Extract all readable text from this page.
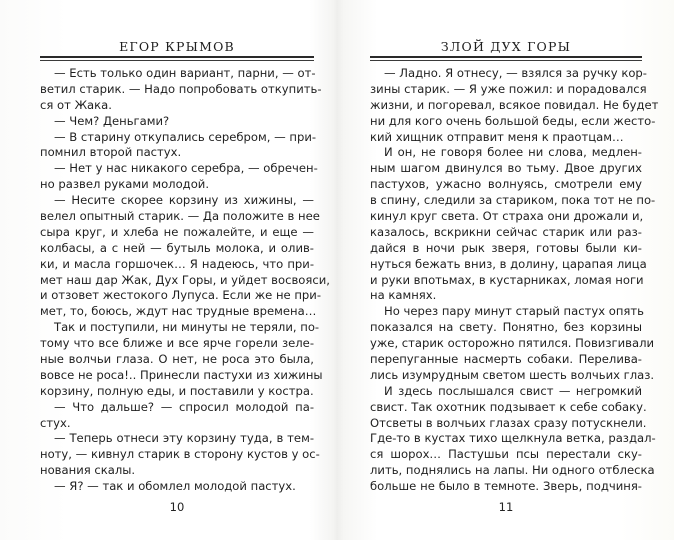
ЕГОР КРЫМОВ
— Есть только один вариант, парни, — от-
ветил старик. — Надо попробовать откупить-
ся от Жака.
— Чем? Деньгами?
— В старину откупались серебром, — при-
помнил второй пастух.
— Нет у нас никакого серебра, — обречен-
но развел руками молодой.
— Несите скорее корзину из хижины, —
велел опытный старик. — Да положите в нее
сыра круг, и хлеба не пожалейте, и еще —
колбасы, а с ней — бутыль молока, и олив-
ки, и масла горшочек… Я надеюсь, что при-
мет наш дар Жак, Дух Горы, и уйдет восвояси,
и отзовет жестокого Лупуса. Если же не при-
мет, то, боюсь, ждут нас трудные времена…
Так и поступили, ни минуты не теряли, по-
тому что все ближе и все ярче горели зеле-
ные волчьи глаза. О нет, не роса это была,
вовсе не роса!.. Принесли пастухи из хижины
корзину, полную еды, и поставили у костра.
— Что дальше? — спросил молодой па-
стух.
— Теперь отнеси эту корзину туда, в тем-
ноту, — кивнул старик в сторону кустов у ос-
нования скалы.
— Я? — так и обомлел молодой пастух.
10
ЗЛОЙ ДУХ ГОРЫ
— Ладно. Я отнесу, — взялся за ручку кор-
зины старик. — Я уже пожил: и порадовался
жизни, и погоревал, всякое повидал. Не будет
ни для кого очень большой беды, если жесто-
кий хищник отправит меня к праотцам…
И он, не говоря более ни слова, медлен-
ным шагом двинулся во тьму. Двое других
пастухов, ужасно волнуясь, смотрели ему
в спину, следили за стариком, пока тот не по-
кинул круг света. От страха они дрожали и,
казалось, вскрикни сейчас старик или раз-
дайся в ночи рык зверя, готовы были ки-
нуться бежать вниз, в долину, царапая лица
и руки впотьмах, в кустарниках, ломая ноги
на камнях.
Но через пару минут старый пастух опять
показался на свету. Понятно, без корзины
уже, старик осторожно пятился. Повизгивали
перепуганные насмерть собаки. Перелива-
лись изумрудным светом шесть волчьих глаз.
И здесь послышался свист — негромкий
свист. Так охотник подзывает к себе собаку.
Отсветы в волчьих глазах сразу потускнели.
Где-то в кустах тихо щелкнула ветка, раздал-
ся шорох… Пастушьи псы перестали ску-
лить, поднялись на лапы. Ни одного отблеска
больше не было в темноте. Зверь, подчиня-
11
